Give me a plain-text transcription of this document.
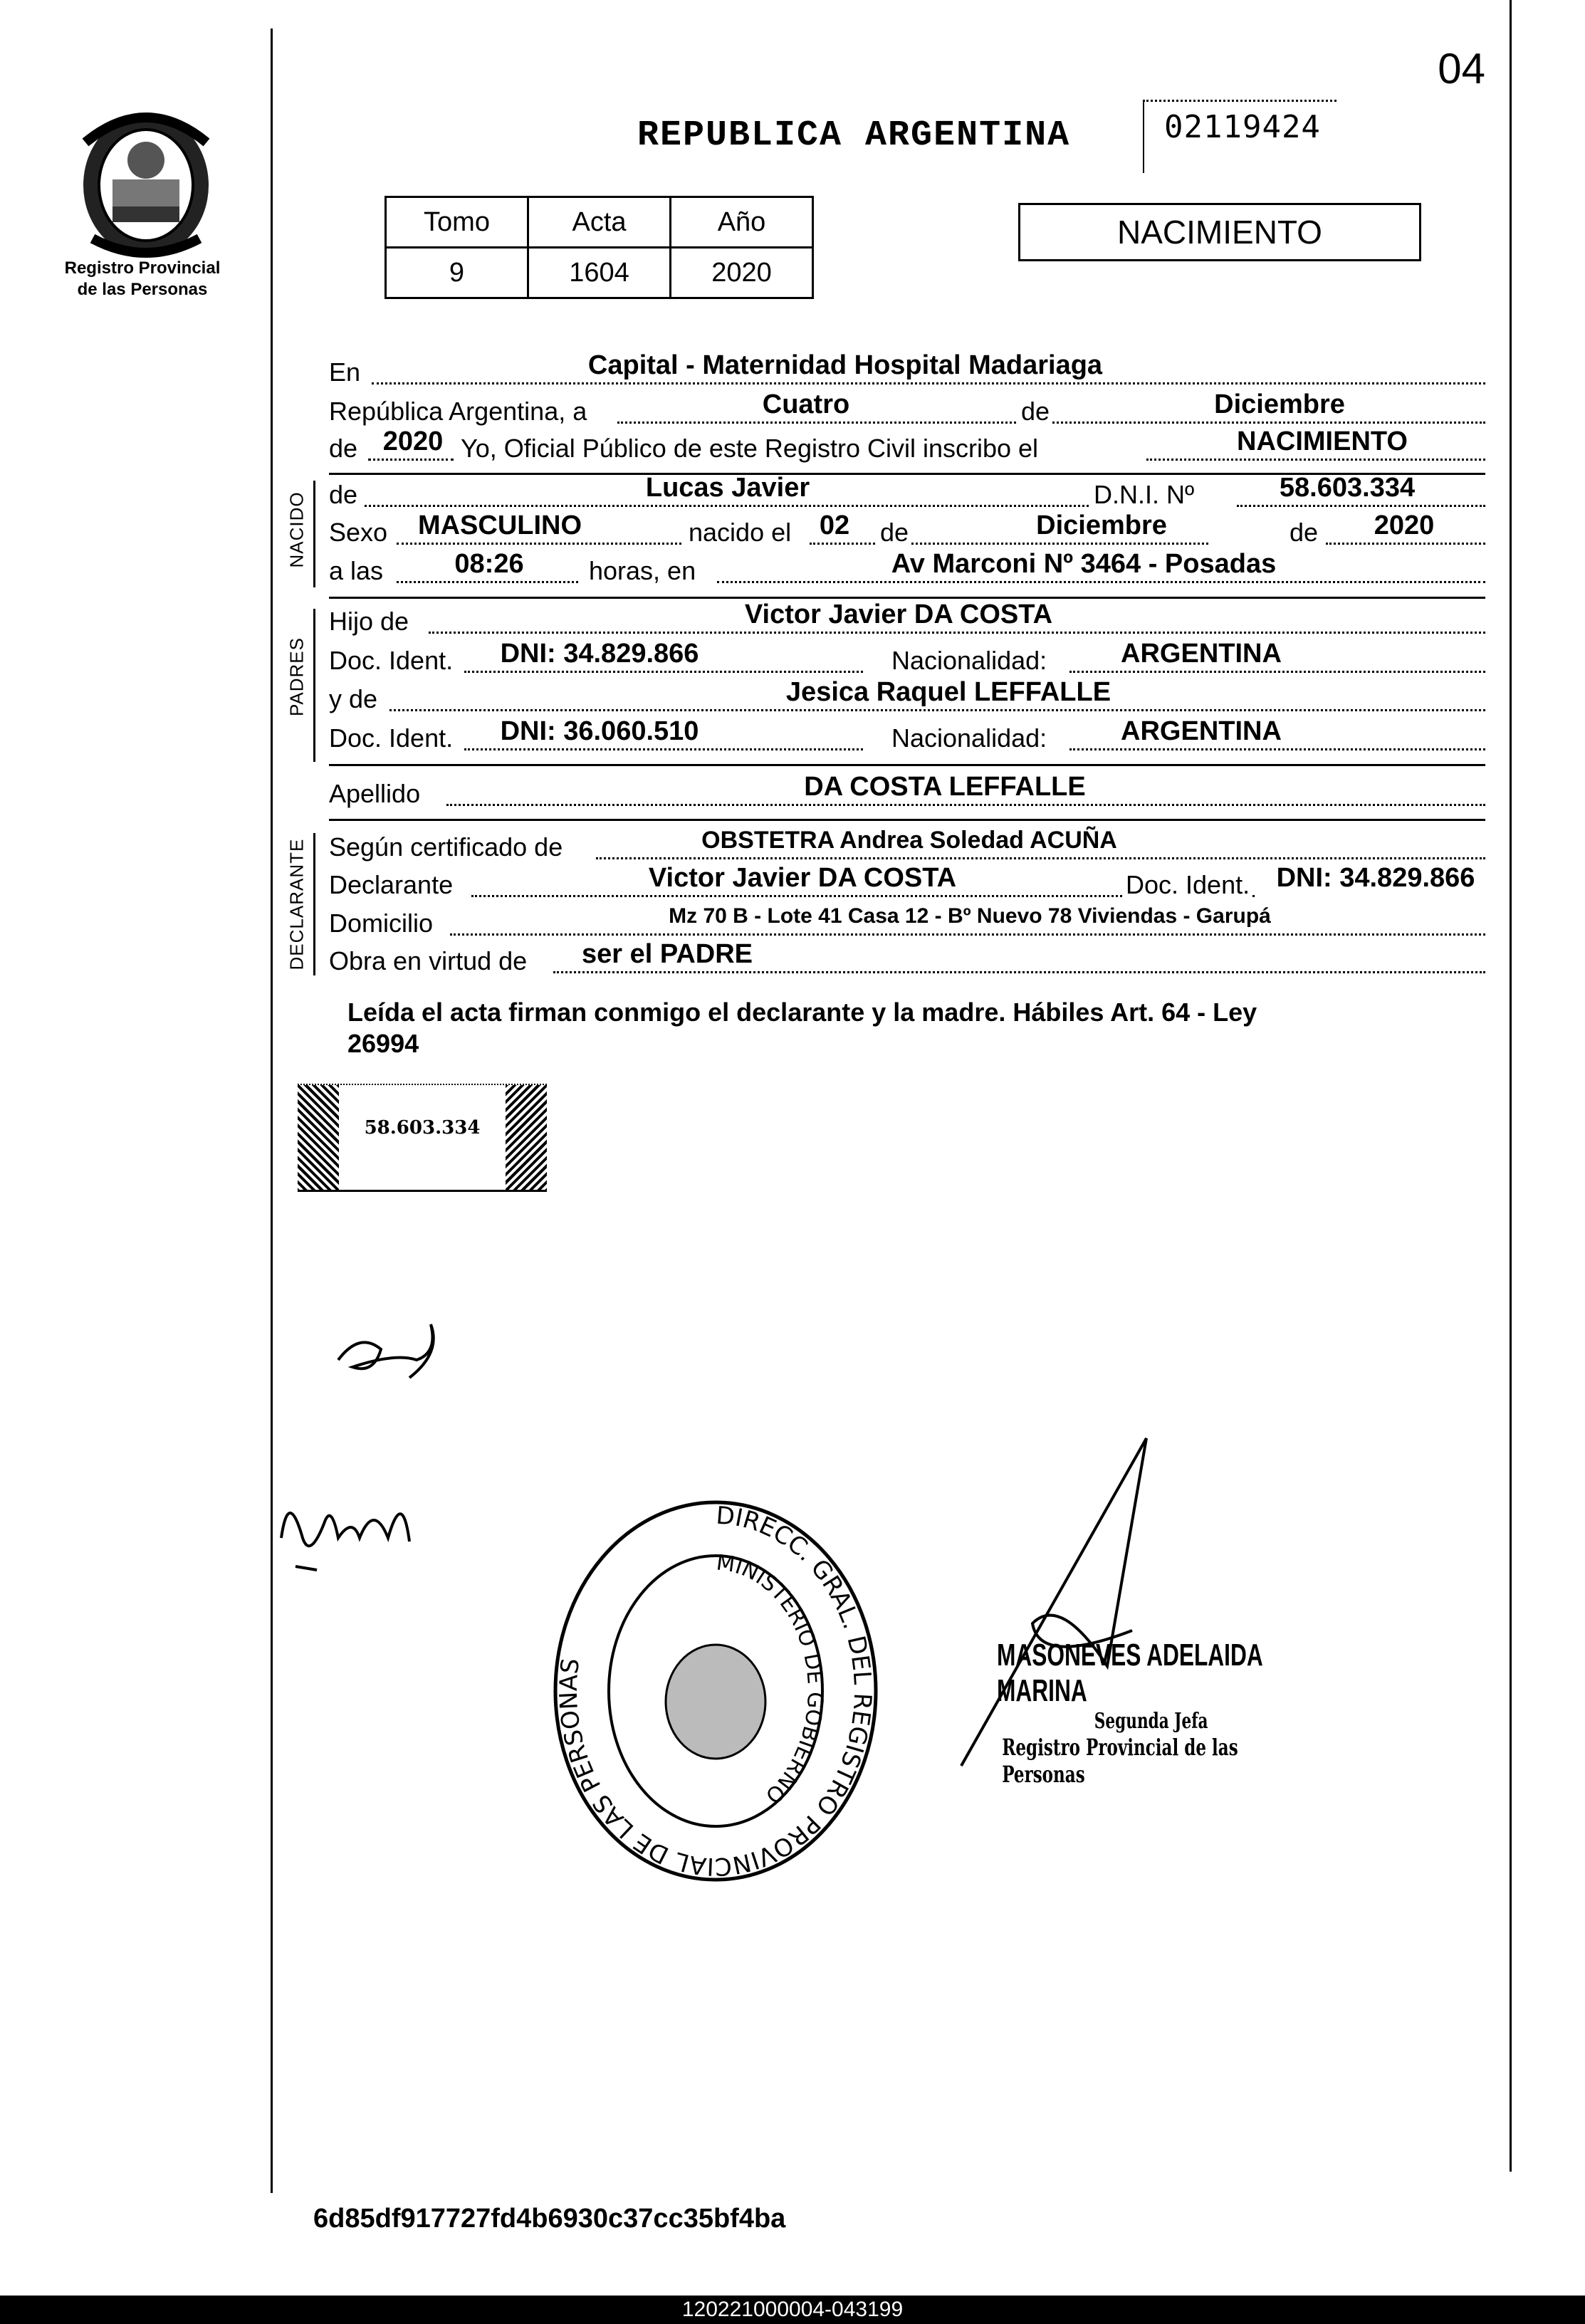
04
Registro Provincial
de las Personas
REPUBLICA ARGENTINA	02119424
Tomo	Acta	Año
9	1604	2020
NACIMIENTO
En	Capital - Maternidad Hospital Madariaga
República Argentina, a	Cuatro	de	Diciembre
de 2020 Yo, Oficial Público de este Registro Civil inscribo el	NACIMIENTO
NACIDO de	Lucas Javier	D.N.I. Nº	58.603.334
Sexo	MASCULINO	nacido el 02 de	Diciembre	de	2020
a las	08:26	horas, en	Av Marconi Nº 3464 - Posadas
PADRES
Hijo de	Victor Javier DA COSTA
Doc. Ident.	DNI: 34.829.866	Nacionalidad:	ARGENTINA
y de	Jesica Raquel LEFFALLE
Doc. Ident.	DNI: 36.060.510	Nacionalidad:	ARGENTINA
Apellido	DA COSTA LEFFALLE
DECLARANTE Según certificado de	OBSTETRA Andrea Soledad ACUÑA
Declarante	Victor Javier DA COSTA	Doc. Ident. DNI: 34.829.866
Domicilio	Mz 70 B - Lote 41 Casa 12 - Bº Nuevo 78 Viviendas - Garupá
Obra en virtud de ser el PADRE
Leída el acta firman conmigo el declarante y la madre. Hábiles Art. 64 - Ley
26994
58.603.334
DIRECC. GRAL. DEL REGISTRO PROVINCIAL DE LAS PERSONAS
MINISTERIO DE GOBIERNO
MASONEVES ADELAIDA MARINA
Segunda Jefa
Registro Provincial de las Personas
6d85df917727fd4b6930c37cc35bf4ba
120221000004-043199
